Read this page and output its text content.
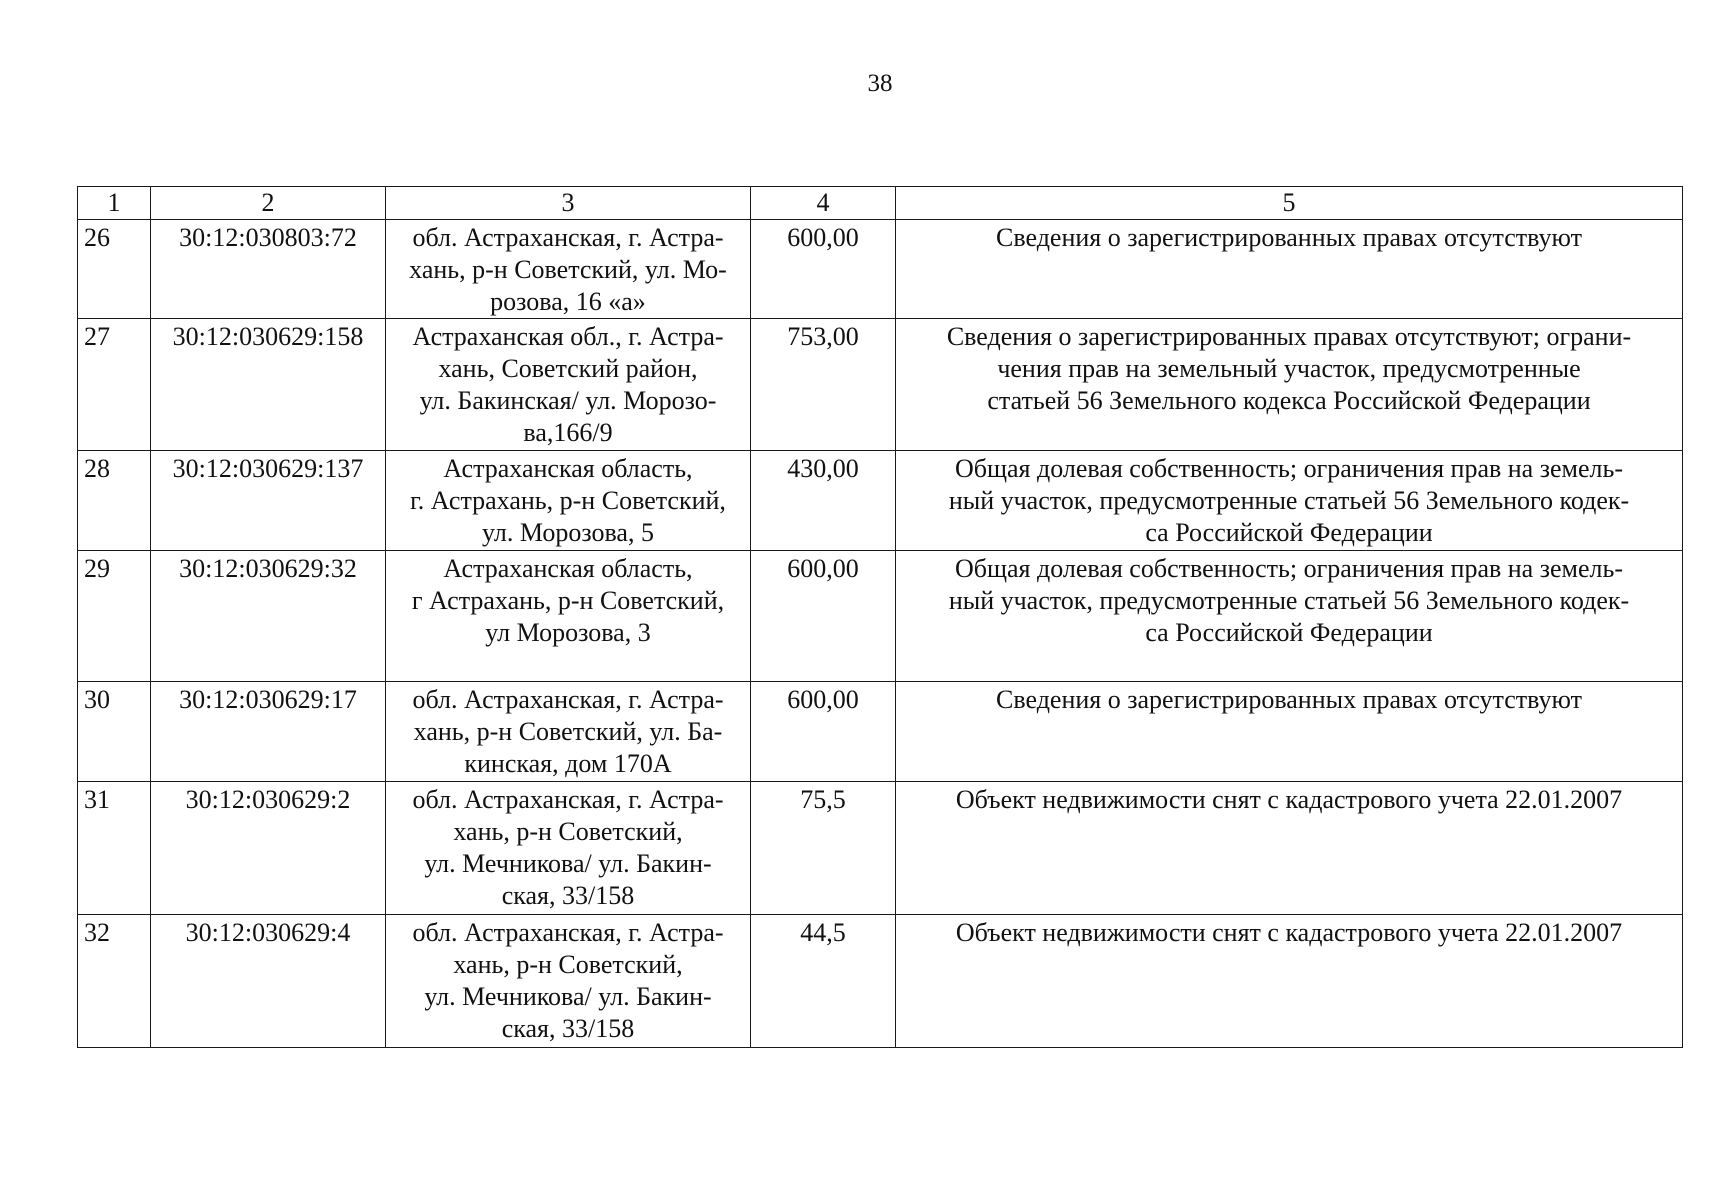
38
1	2	3	4	5
26	30:12:030803:72	обл. Астраханская, г. Астра-
хань, р-н Советский, ул. Мо-
розова, 16 «а»	600,00	Сведения о зарегистрированных правах отсутствуют

27	30:12:030629:158	Астраханская обл., г. Астра-
хань, Советский район,
ул. Бакинская/ ул. Морозо-
ва,166/9	753,00	Сведения о зарегистрированных правах отсутствуют; ограни-
чения прав на земельный участок, предусмотренные
статьей 56 Земельного кодекса Российской Федерации

28	30:12:030629:137	Астраханская область,
г. Астрахань, р-н Советский,
ул. Морозова, 5	430,00	Общая долевая собственность; ограничения прав на земель-
ный участок, предусмотренные статьей 56 Земельного кодек-
са Российской Федерации

29	30:12:030629:32	Астраханская область,
г Астрахань, р-н Советский,
ул Морозова, 3	600,00	Общая долевая собственность; ограничения прав на земель-
ный участок, предусмотренные статьей 56 Земельного кодек-
са Российской Федерации

30	30:12:030629:17	обл. Астраханская, г. Астра-
хань, р-н Советский, ул. Ба-
кинская, дом 170А	600,00	Сведения о зарегистрированных правах отсутствуют

31	30:12:030629:2	обл. Астраханская, г. Астра-
хань, р-н Советский,
ул. Мечникова/ ул. Бакин-
ская, 33/158	75,5	Объект недвижимости снят с кадастрового учета 22.01.2007

32	30:12:030629:4	обл. Астраханская, г. Астра-
хань, р-н Советский,
ул. Мечникова/ ул. Бакин-
ская, 33/158	44,5	Объект недвижимости снят с кадастрового учета 22.01.2007
